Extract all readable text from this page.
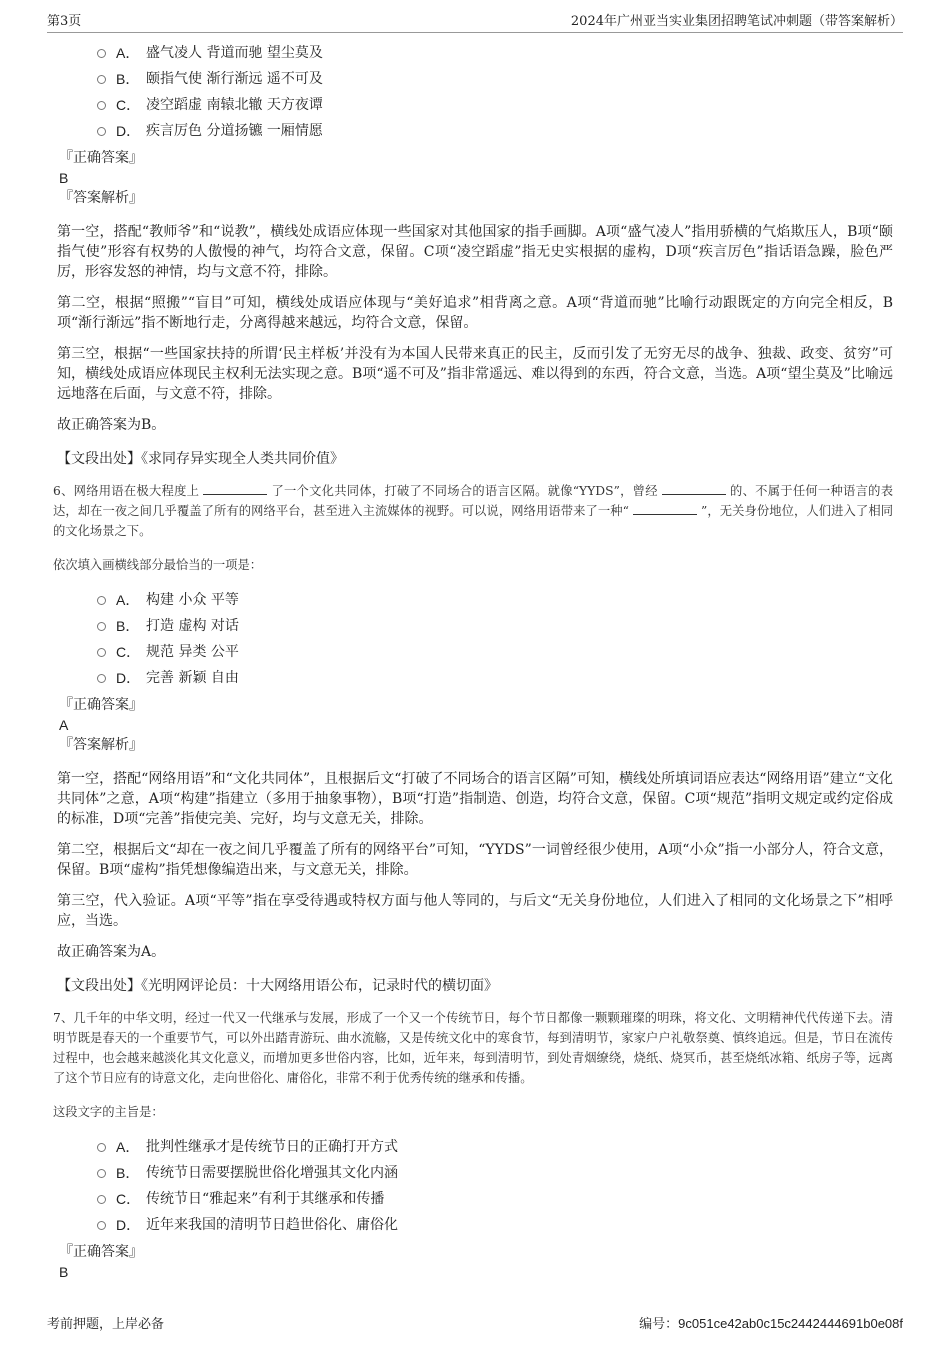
第3页	2024年广州亚当实业集团招聘笔试冲刺题（带答案解析）
A． 盛气凌人 背道而驰 望尘莫及
B． 颐指气使 渐行渐远 遥不可及
C． 凌空蹈虚 南辕北辙 天方夜谭
D． 疾言厉色 分道扬镳 一厢情愿
『正确答案』
B
『答案解析』

第一空，搭配“教师爷”和“说教”，横线处成语应体现一些国家对其他国家的指手画脚。A项“盛气凌人”指用骄横的气焰欺压人，B项“颐指气使”形容有权势的人傲慢的神气，均符合文意，保留。C项“凌空蹈虚”指无史实根据的虚构，D项“疾言厉色”指话语急躁，脸色严厉，形容发怒的神情，均与文意不符，排除。

第二空，根据“照搬”“盲目”可知，横线处成语应体现与“美好追求”相背离之意。A项“背道而驰”比喻行动跟既定的方向完全相反，B项“渐行渐远”指不断地行走，分离得越来越远，均符合文意，保留。

第三空，根据“一些国家扶持的所谓‘民主样板’并没有为本国人民带来真正的民主，反而引发了无穷无尽的战争、独裁、政变、贫穷”可知，横线处成语应体现民主权利无法实现之意。B项“遥不可及”指非常遥远、难以得到的东西，符合文意，当选。A项“望尘莫及”比喻远远地落在后面，与文意不符，排除。

故正确答案为B。

【文段出处】《求同存异实现全人类共同价值》

6、网络用语在极大程度上	了一个文化共同体，打破了不同场合的语言区隔。就像“YYDS”，曾经	的、不属于任何一种语言的表达，却在一夜之间几乎覆盖了所有的网络平台，甚至进入主流媒体的视野。可以说，网络用语带来了一种“	”，无关身份地位，人们进入了相同的文化场景之下。

依次填入画横线部分最恰当的一项是：

A． 构建 小众 平等
B． 打造 虚构 对话
C． 规范 异类 公平
D． 完善 新颖 自由
『正确答案』
A
『答案解析』

第一空，搭配“网络用语”和“文化共同体”，且根据后文“打破了不同场合的语言区隔”可知，横线处所填词语应表达“网络用语”建立“文化共同体”之意，A项“构建”指建立（多用于抽象事物），B项“打造”指制造、创造，均符合文意，保留。C项“规范”指明文规定或约定俗成的标准，D项“完善”指使完美、完好，均与文意无关，排除。

第二空，根据后文“却在一夜之间几乎覆盖了所有的网络平台”可知，“YYDS”一词曾经很少使用，A项“小众”指一小部分人，符合文意，保留。B项“虚构”指凭想像编造出来，与文意无关，排除。

第三空，代入验证。A项“平等”指在享受待遇或特权方面与他人等同的，与后文“无关身份地位，人们进入了相同的文化场景之下”相呼应，当选。

故正确答案为A。

【文段出处】《光明网评论员：十大网络用语公布，记录时代的横切面》

7、几千年的中华文明，经过一代又一代继承与发展，形成了一个又一个传统节日，每个节日都像一颗颗璀璨的明珠，将文化、文明精神代代传递下去。清明节既是春天的一个重要节气，可以外出踏青游玩、曲水流觞，又是传统文化中的寒食节，每到清明节，家家户户礼敬祭奠、慎终追远。但是，节日在流传过程中，也会越来越淡化其文化意义，而增加更多世俗内容，比如，近年来，每到清明节，到处青烟缭绕，烧纸、烧冥币，甚至烧纸冰箱、纸房子等，远离了这个节日应有的诗意文化，走向世俗化、庸俗化，非常不利于优秀传统的继承和传播。

这段文字的主旨是：

A． 批判性继承才是传统节日的正确打开方式
B． 传统节日需要摆脱世俗化增强其文化内涵
C． 传统节日“雅起来”有利于其继承和传播
D． 近年来我国的清明节日趋世俗化、庸俗化
『正确答案』
B
考前押题，上岸必备	编号：9c051ce42ab0c15c2442444691b0e08f
